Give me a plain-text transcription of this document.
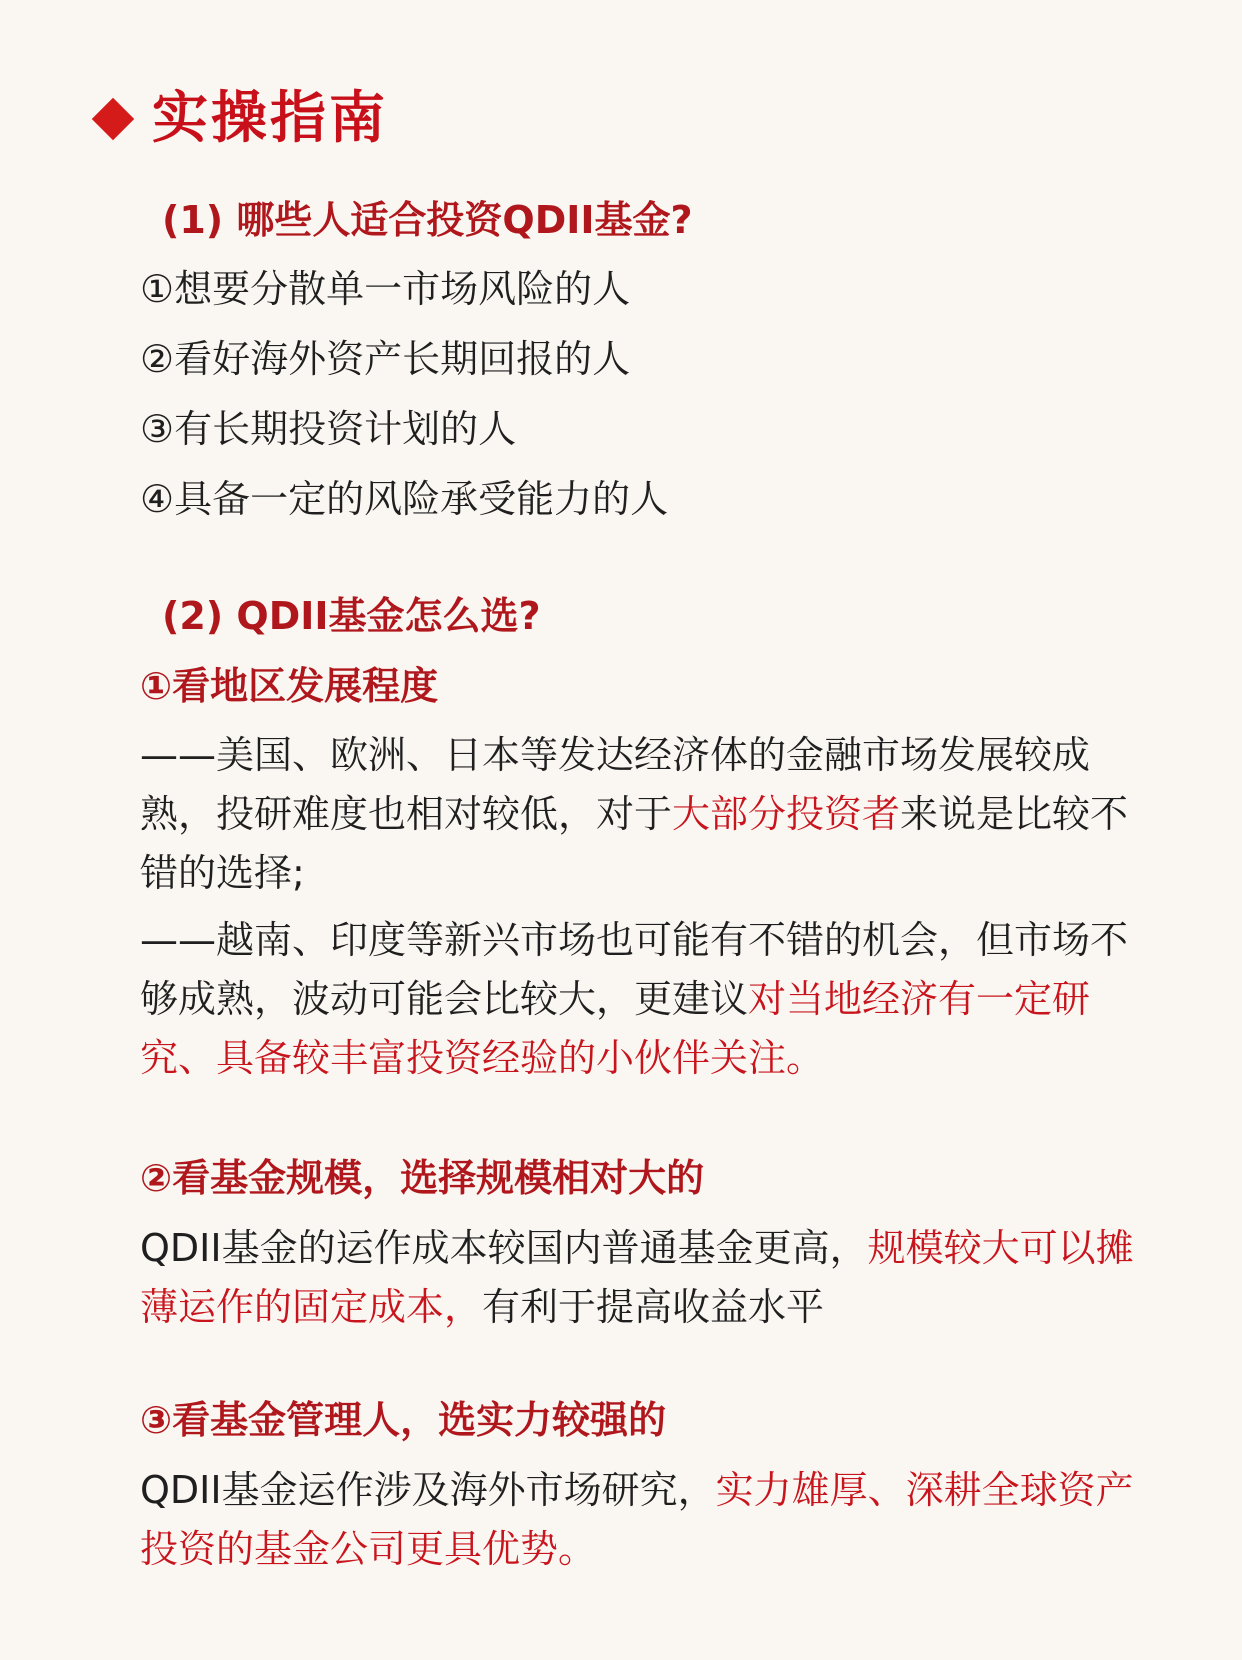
实操指南
(1) 哪些人适合投资QDII基金?
①想要分散单一市场风险的人
②看好海外资产长期回报的人
③有长期投资计划的人
④具备一定的风险承受能力的人
(2) QDII基金怎么选?
①看地区发展程度
——美国、欧洲、日本等发达经济体的金融市场发展较成熟，投研难度也相对较低，对于大部分投资者来说是比较不错的选择;
——越南、印度等新兴市场也可能有不错的机会，但市场不够成熟，波动可能会比较大，更建议对当地经济有一定研究、具备较丰富投资经验的小伙伴关注。
②看基金规模，选择规模相对大的
QDII基金的运作成本较国内普通基金更高，规模较大可以摊薄运作的固定成本，有利于提高收益水平
③看基金管理人，选实力较强的
QDII基金运作涉及海外市场研究，实力雄厚、深耕全球资产投资的基金公司更具优势。
